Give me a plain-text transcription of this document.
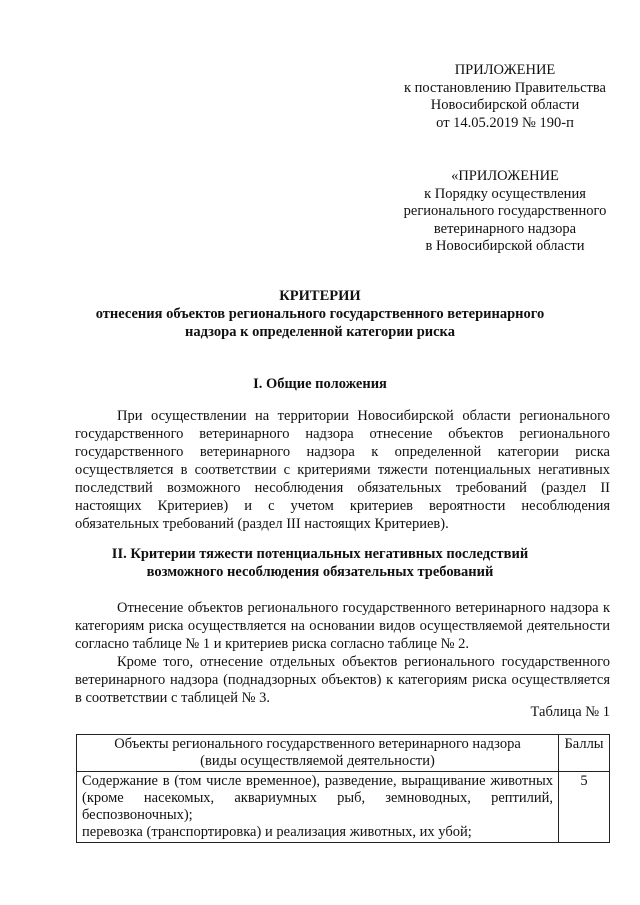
ПРИЛОЖЕНИЕ
к постановлению Правительства
Новосибирской области
от 14.05.2019 № 190-п
«ПРИЛОЖЕНИЕ
к Порядку осуществления
регионального государственного
ветеринарного надзора
в Новосибирской области
КРИТЕРИИ
отнесения объектов регионального государственного ветеринарного
надзора к определенной категории риска
I. Общие положения

При осуществлении на территории Новосибирской области регионального государственного ветеринарного надзора отнесение объектов регионального государственного ветеринарного надзора к определенной категории риска осуществляется в соответствии с критериями тяжести потенциальных негативных последствий возможного несоблюдения обязательных требований (раздел II настоящих Критериев) и с учетом критериев вероятности несоблюдения обязательных требований (раздел III настоящих Критериев).

II. Критерии тяжести потенциальных негативных последствий
возможного несоблюдения обязательных требований

Отнесение объектов регионального государственного ветеринарного надзора к категориям риска осуществляется на основании видов осуществляемой деятельности согласно таблице № 1 и критериев риска согласно таблице № 2.

Кроме того, отнесение отдельных объектов регионального государственного ветеринарного надзора (поднадзорных объектов) к категориям риска осуществляется в соответствии с таблицей № 3.

Таблица № 1
Объекты регионального государственного ветеринарного надзора
(виды осуществляемой деятельности)	Баллы

Содержание в (том числе временное), разведение, выращивание животных (кроме насекомых, аквариумных рыб, земноводных, рептилий, беспозвоночных);
перевозка (транспортировка) и реализация животных, их убой;	5
